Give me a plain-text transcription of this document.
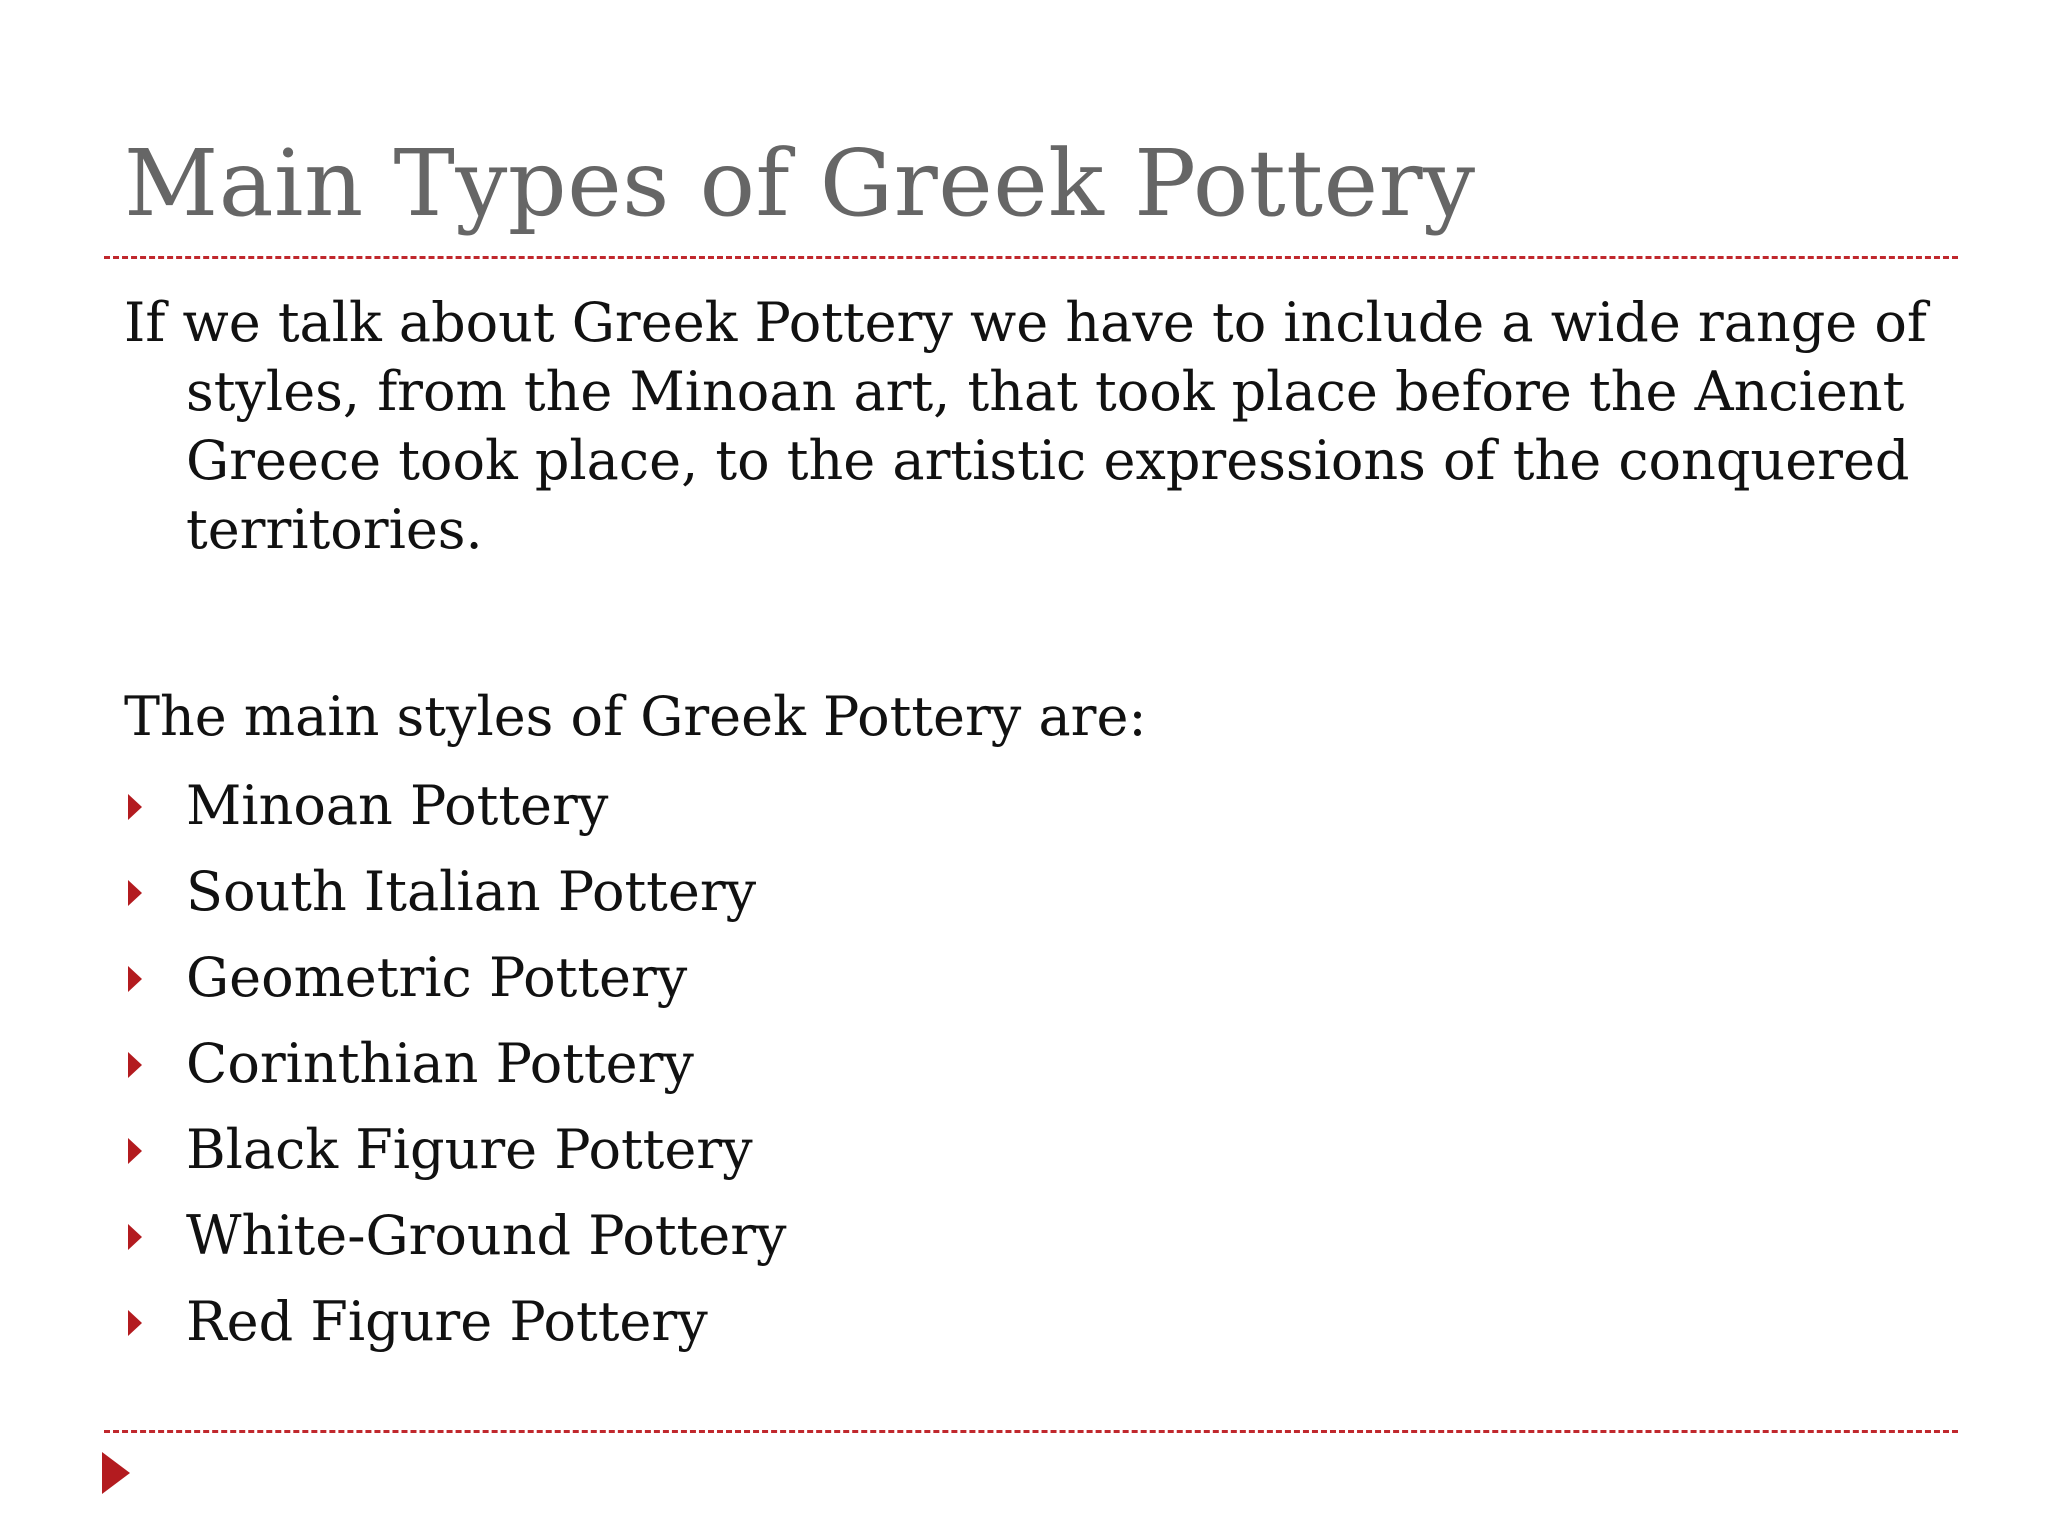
Main Types of Greek Pottery

If we talk about Greek Pottery we have to include a wide range of styles, from the Minoan art, that took place before the Ancient Greece took place, to the artistic expressions of the conquered territories.

The main styles of Greek Pottery are:

Minoan Pottery
South Italian Pottery
Geometric Pottery
Corinthian Pottery
Black Figure Pottery
White-Ground Pottery
Red Figure Pottery
